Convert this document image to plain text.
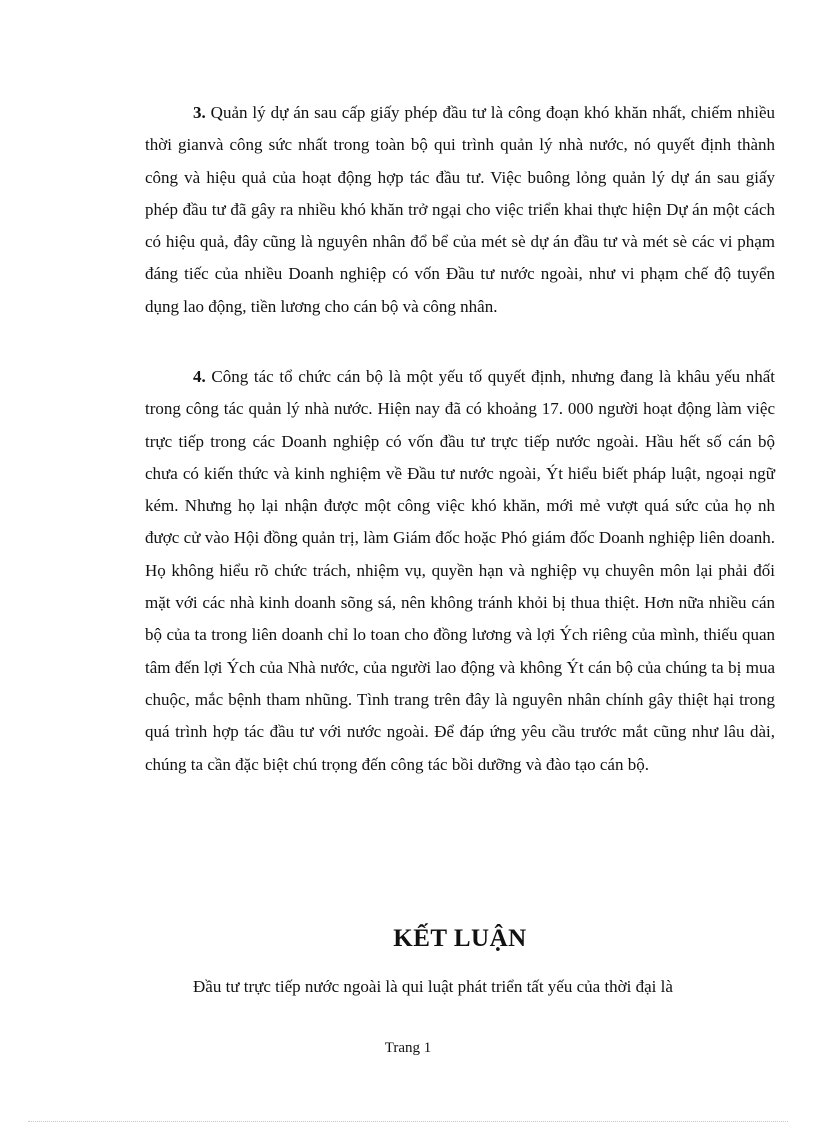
3. Quản lý dự án sau cấp giấy phép đầu tư là công đoạn khó khăn nhất, chiếm nhiều thời gianvà công sức nhất trong toàn bộ qui trình quản lý nhà nước, nó quyết định thành công và hiệu quả của hoạt động hợp tác đầu tư. Việc buông lỏng quản lý dự án sau giấy phép đầu tư đã gây ra nhiều khó khăn trở ngại cho việc triển khai thực hiện Dự án một cách có hiệu quả, đây cũng là nguyên nhân đổ bể của mét sè dự án đầu tư và mét sè các vi phạm đáng tiếc của nhiều Doanh nghiệp có vốn Đầu tư nước ngoài, như vi phạm chế độ tuyển dụng lao động, tiền lương cho cán bộ và công nhân.

4. Công tác tổ chức cán bộ là một yếu tố quyết định, nhưng đang là khâu yếu nhất trong công tác quản lý nhà nước. Hiện nay đã có khoảng 17. 000 người hoạt động làm việc trực tiếp trong các Doanh nghiệp có vốn đầu tư trực tiếp nước ngoài. Hầu hết số cán bộ chưa có kiến thức và kinh nghiệm về Đầu tư nước ngoài, Ýt hiểu biết pháp luật, ngoại ngữ kém. Nhưng họ lại nhận được một công việc khó khăn, mới mẻ vượt quá sức của họ nh được cử vào Hội đồng quản trị, làm Giám đốc hoặc Phó giám đốc Doanh nghiệp liên doanh. Họ không hiểu rõ chức trách, nhiệm vụ, quyền hạn và nghiệp vụ chuyên môn lại phải đối mặt với các nhà kinh doanh sõng sá, nên không tránh khỏi bị thua thiệt. Hơn nữa nhiều cán bộ của ta trong liên doanh chỉ lo toan cho đồng lương và lợi Ých riêng của mình, thiếu quan tâm đến lợi Ých của Nhà nước, của người lao động và không Ýt cán bộ của chúng ta bị mua chuộc, mắc bệnh tham nhũng. Tình trang trên đây là nguyên nhân chính gây thiệt hại trong quá trình hợp tác đầu tư với nước ngoài. Để đáp ứng yêu cầu trước mắt cũng như lâu dài, chúng ta cần đặc biệt chú trọng đến công tác bồi dưỡng và đào tạo cán bộ.

KẾT LUẬN

Đầu tư trực tiếp nước ngoài là qui luật phát triển tất yếu của thời đại là

Trang 1
